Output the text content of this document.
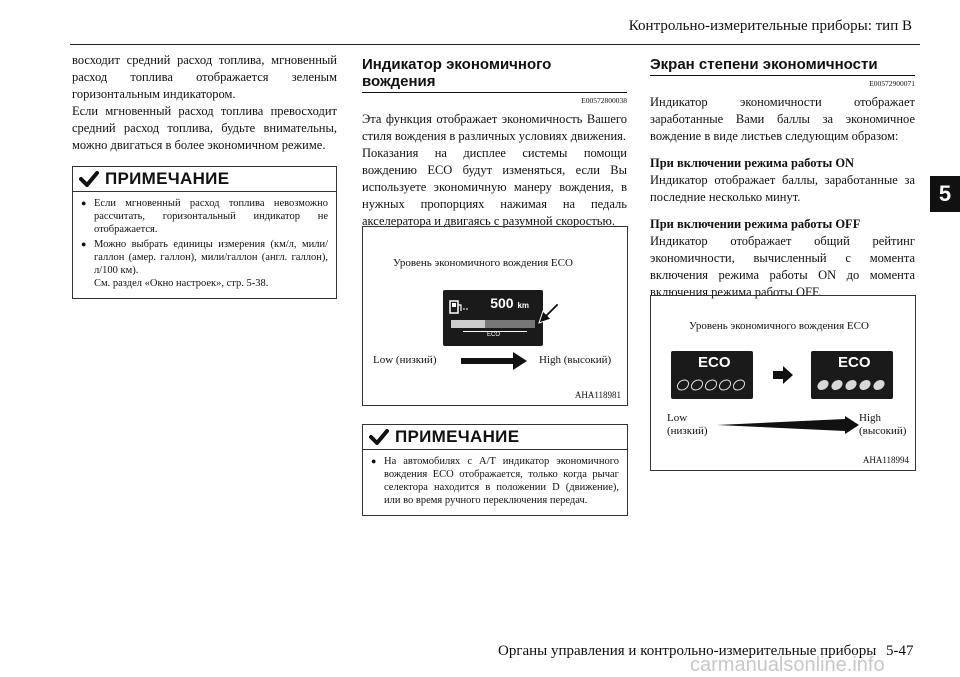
Контрольно-измерительные приборы: тип В
5

восходит средний расход топлива, мгновенный расход топлива отображается зеленым горизонтальным индикатором.

Если мгновенный расход топлива превосходит средний расход топлива, будьте внимательны, можно двигаться в более экономичном режиме.

ПРИМЕЧАНИЕ
● Если мгновенный расход топлива невозможно рассчитать, горизонтальный индикатор не отображается.
● Можно выбрать единицы измерения (км/л, мили/галлон (амер. галлон), мили/галлон (англ. галлон), л/100 км).
См. раздел «Окно настроек», стр. 5-38.
Индикатор экономичного вождения
E00572800038

Эта функция отображает экономичность Вашего стиля вождения в различных условиях движения.

Показания на дисплее системы помощи вождению ECO будут изменяться, если Вы используете экономичную манеру вождения, в нужных пропорциях нажимая на педаль акселератора и двигаясь с разумной скоростью.

Уровень экономичного вождения ECO
500 km
ECO
Low (низкий)	High (высокий)
AHA118981
ПРИМЕЧАНИЕ
● На автомобилях с A/T индикатор экономичного вождения ECO отображается, только когда рычаг селектора находится в положении D (движение), или во время ручного переключения передач.
Экран степени экономичности
E00572900071

Индикатор экономичности отображает заработанные Вами баллы за экономичное вождение в виде листьев следующим образом:

При включении режима работы ON

Индикатор отображает баллы, заработанные за последние несколько минут.

При включении режима работы OFF

Индикатор отображает общий рейтинг экономичности, вычисленный с момента включения режима работы ON до момента включения режима работы OFF.

Уровень экономичного вождения ECO
ECO	ECO
Low
(низкий)
High
(высокий)
AHA118994
Органы управления и контрольно-измерительные приборы 5-47
carmanualsonline.info
